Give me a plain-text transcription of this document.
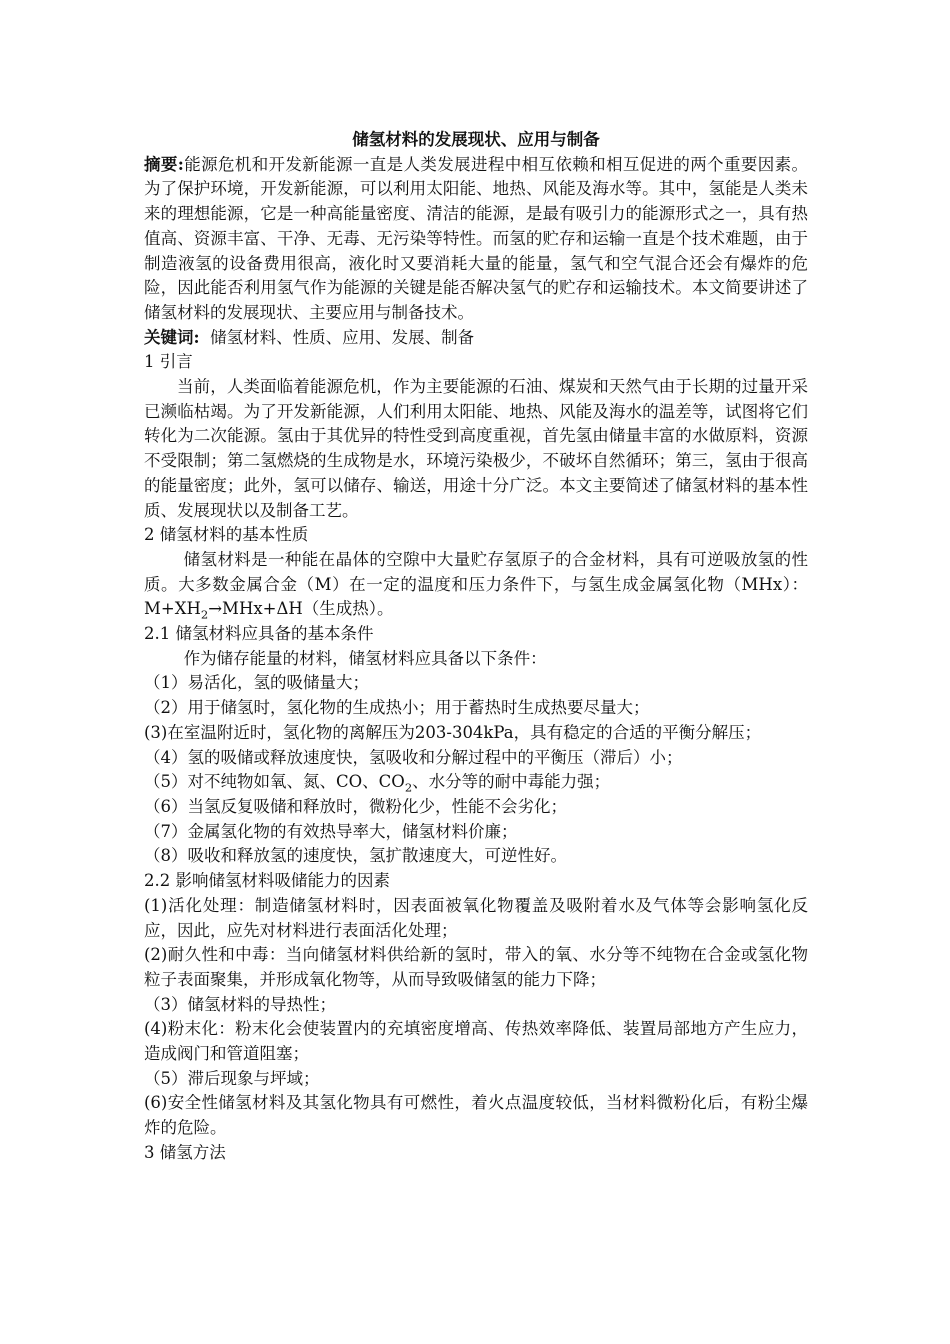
储氢材料的发展现状、应用与制备

摘要:能源危机和开发新能源一直是人类发展进程中相互依赖和相互促进的两个重要因素。为了保护环境，开发新能源，可以利用太阳能、地热、风能及海水等。其中，氢能是人类未来的理想能源，它是一种高能量密度、清洁的能源，是最有吸引力的能源形式之一，具有热值高、资源丰富、干净、无毒、无污染等特性。而氢的贮存和运输一直是个技术难题，由于制造液氢的设备费用很高，液化时又要消耗大量的能量，氢气和空气混合还会有爆炸的危险，因此能否利用氢气作为能源的关键是能否解决氢气的贮存和运输技术。本文简要讲述了储氢材料的发展现状、主要应用与制备技术。

关键词:  储氢材料、性质、应用、发展、制备

1 引言

当前，人类面临着能源危机，作为主要能源的石油、煤炭和天然气由于长期的过量开采已濒临枯竭。为了开发新能源，人们利用太阳能、地热、风能及海水的温差等，试图将它们转化为二次能源。氢由于其优异的特性受到高度重视，首先氢由储量丰富的水做原料，资源不受限制；第二氢燃烧的生成物是水，环境污染极少，不破坏自然循环；第三，氢由于很高的能量密度；此外，氢可以储存、输送，用途十分广泛。本文主要简述了储氢材料的基本性质、发展现状以及制备工艺。

2 储氢材料的基本性质

储氢材料是一种能在晶体的空隙中大量贮存氢原子的合金材料，具有可逆吸放氢的性质。大多数金属合金（M）在一定的温度和压力条件下，与氢生成金属氢化物（MHx）：$M+XH_2\to MHx+\Delta H$（生成热）。

2.1 储氢材料应具备的基本条件

作为储存能量的材料，储氢材料应具备以下条件：

（1）易活化，氢的吸储量大；

（2）用于储氢时，氢化物的生成热小；用于蓄热时生成热要尽量大；

(3)在室温附近时，氢化物的离解压为203-304kPa，具有稳定的合适的平衡分解压；

（4）氢的吸储或释放速度快，氢吸收和分解过程中的平衡压（滞后）小；

（5）对不纯物如氧、氮、CO、$CO_2$、水分等的耐中毒能力强；

（6）当氢反复吸储和释放时，微粉化少，性能不会劣化；

（7）金属氢化物的有效热导率大，储氢材料价廉；

（8）吸收和释放氢的速度快，氢扩散速度大，可逆性好。

2.2 影响储氢材料吸储能力的因素

(1)活化处理：制造储氢材料时，因表面被氧化物覆盖及吸附着水及气体等会影响氢化反应，因此，应先对材料进行表面活化处理；

(2)耐久性和中毒：当向储氢材料供给新的氢时，带入的氧、水分等不纯物在合金或氢化物粒子表面聚集，并形成氧化物等，从而导致吸储氢的能力下降；

（3）储氢材料的导热性；

(4)粉末化：粉末化会使装置内的充填密度增高、传热效率降低、装置局部地方产生应力，造成阀门和管道阻塞；

（5）滞后现象与坪域；

(6)安全性储氢材料及其氢化物具有可燃性，着火点温度较低，当材料微粉化后，有粉尘爆炸的危险。

3 储氢方法
